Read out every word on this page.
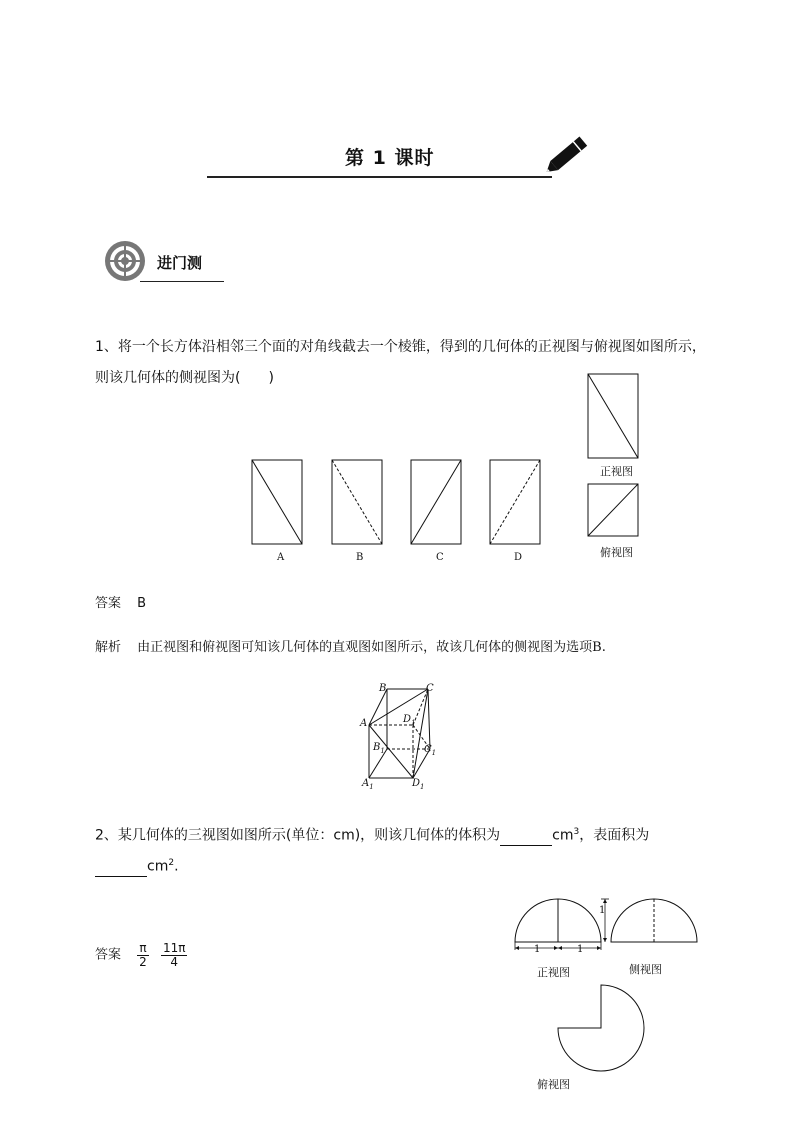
第 1 课时
进门测
1、将一个长方体沿相邻三个面的对角线截去一个棱锥，得到的几何体的正视图与俯视图如图所示，
则该几何体的侧视图为(　　)
A	B	C	D
正视图
俯视图
答案 B
解析 由正视图和俯视图可知该几何体的直观图如图所示，故该几何体的侧视图为选项B.
B	C
A	$D_1$
$B_1$	$C_1$
$A_1$	$D_1$
2、某几何体的三视图如图所示(单位：cm)，则该几何体的体积为	$cm^3$，表面积为
$cm^2$.
答案 $\frac{\pi}{2}$
$\frac{11\pi}{4}$	1	1
1
正视图	侧视图
俯视图
